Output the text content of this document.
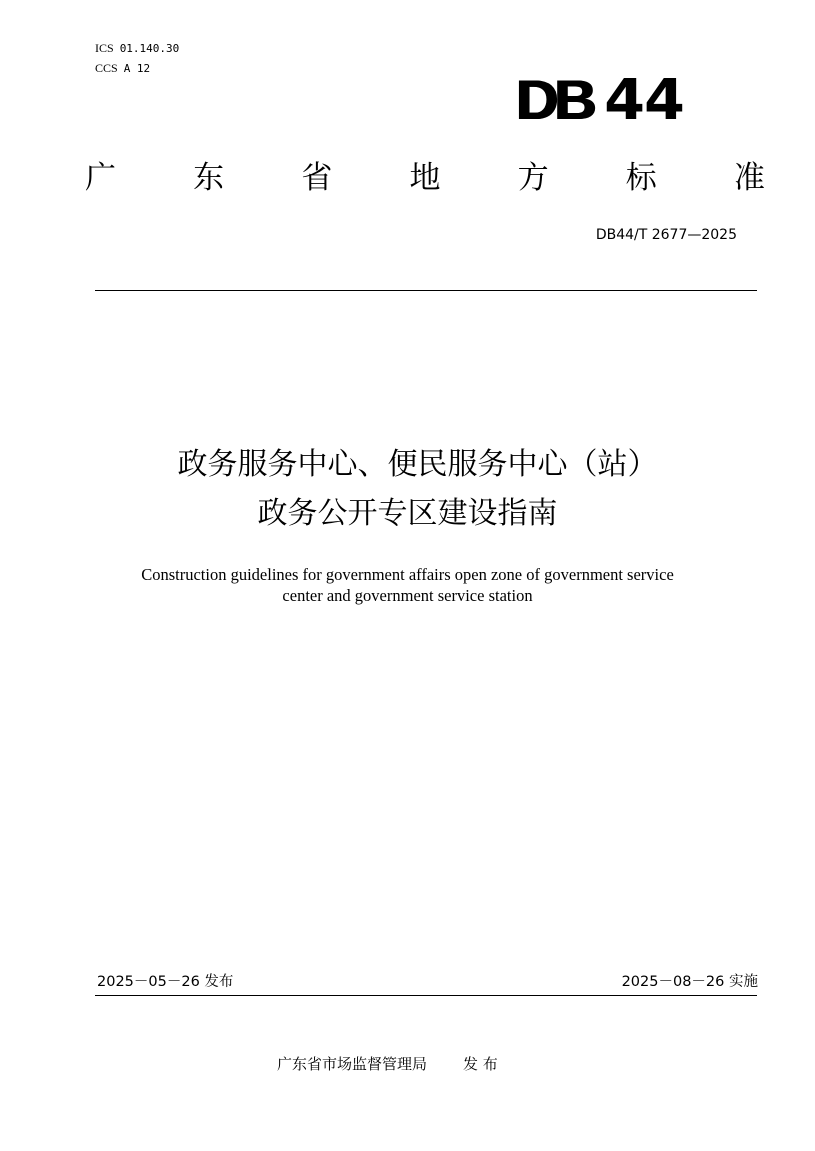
ICS 01.140.30
CCS A 12	DB 44
广 东 省 地 方 标 准
DB44/T 2677—2025
政务服务中心、便民服务中心（站）
政务公开专区建设指南
Construction guidelines for government affairs open zone of government service
center and government service station
2025－05－26 发布	2025－08－26 实施
广东省市场监督管理局 发 布
